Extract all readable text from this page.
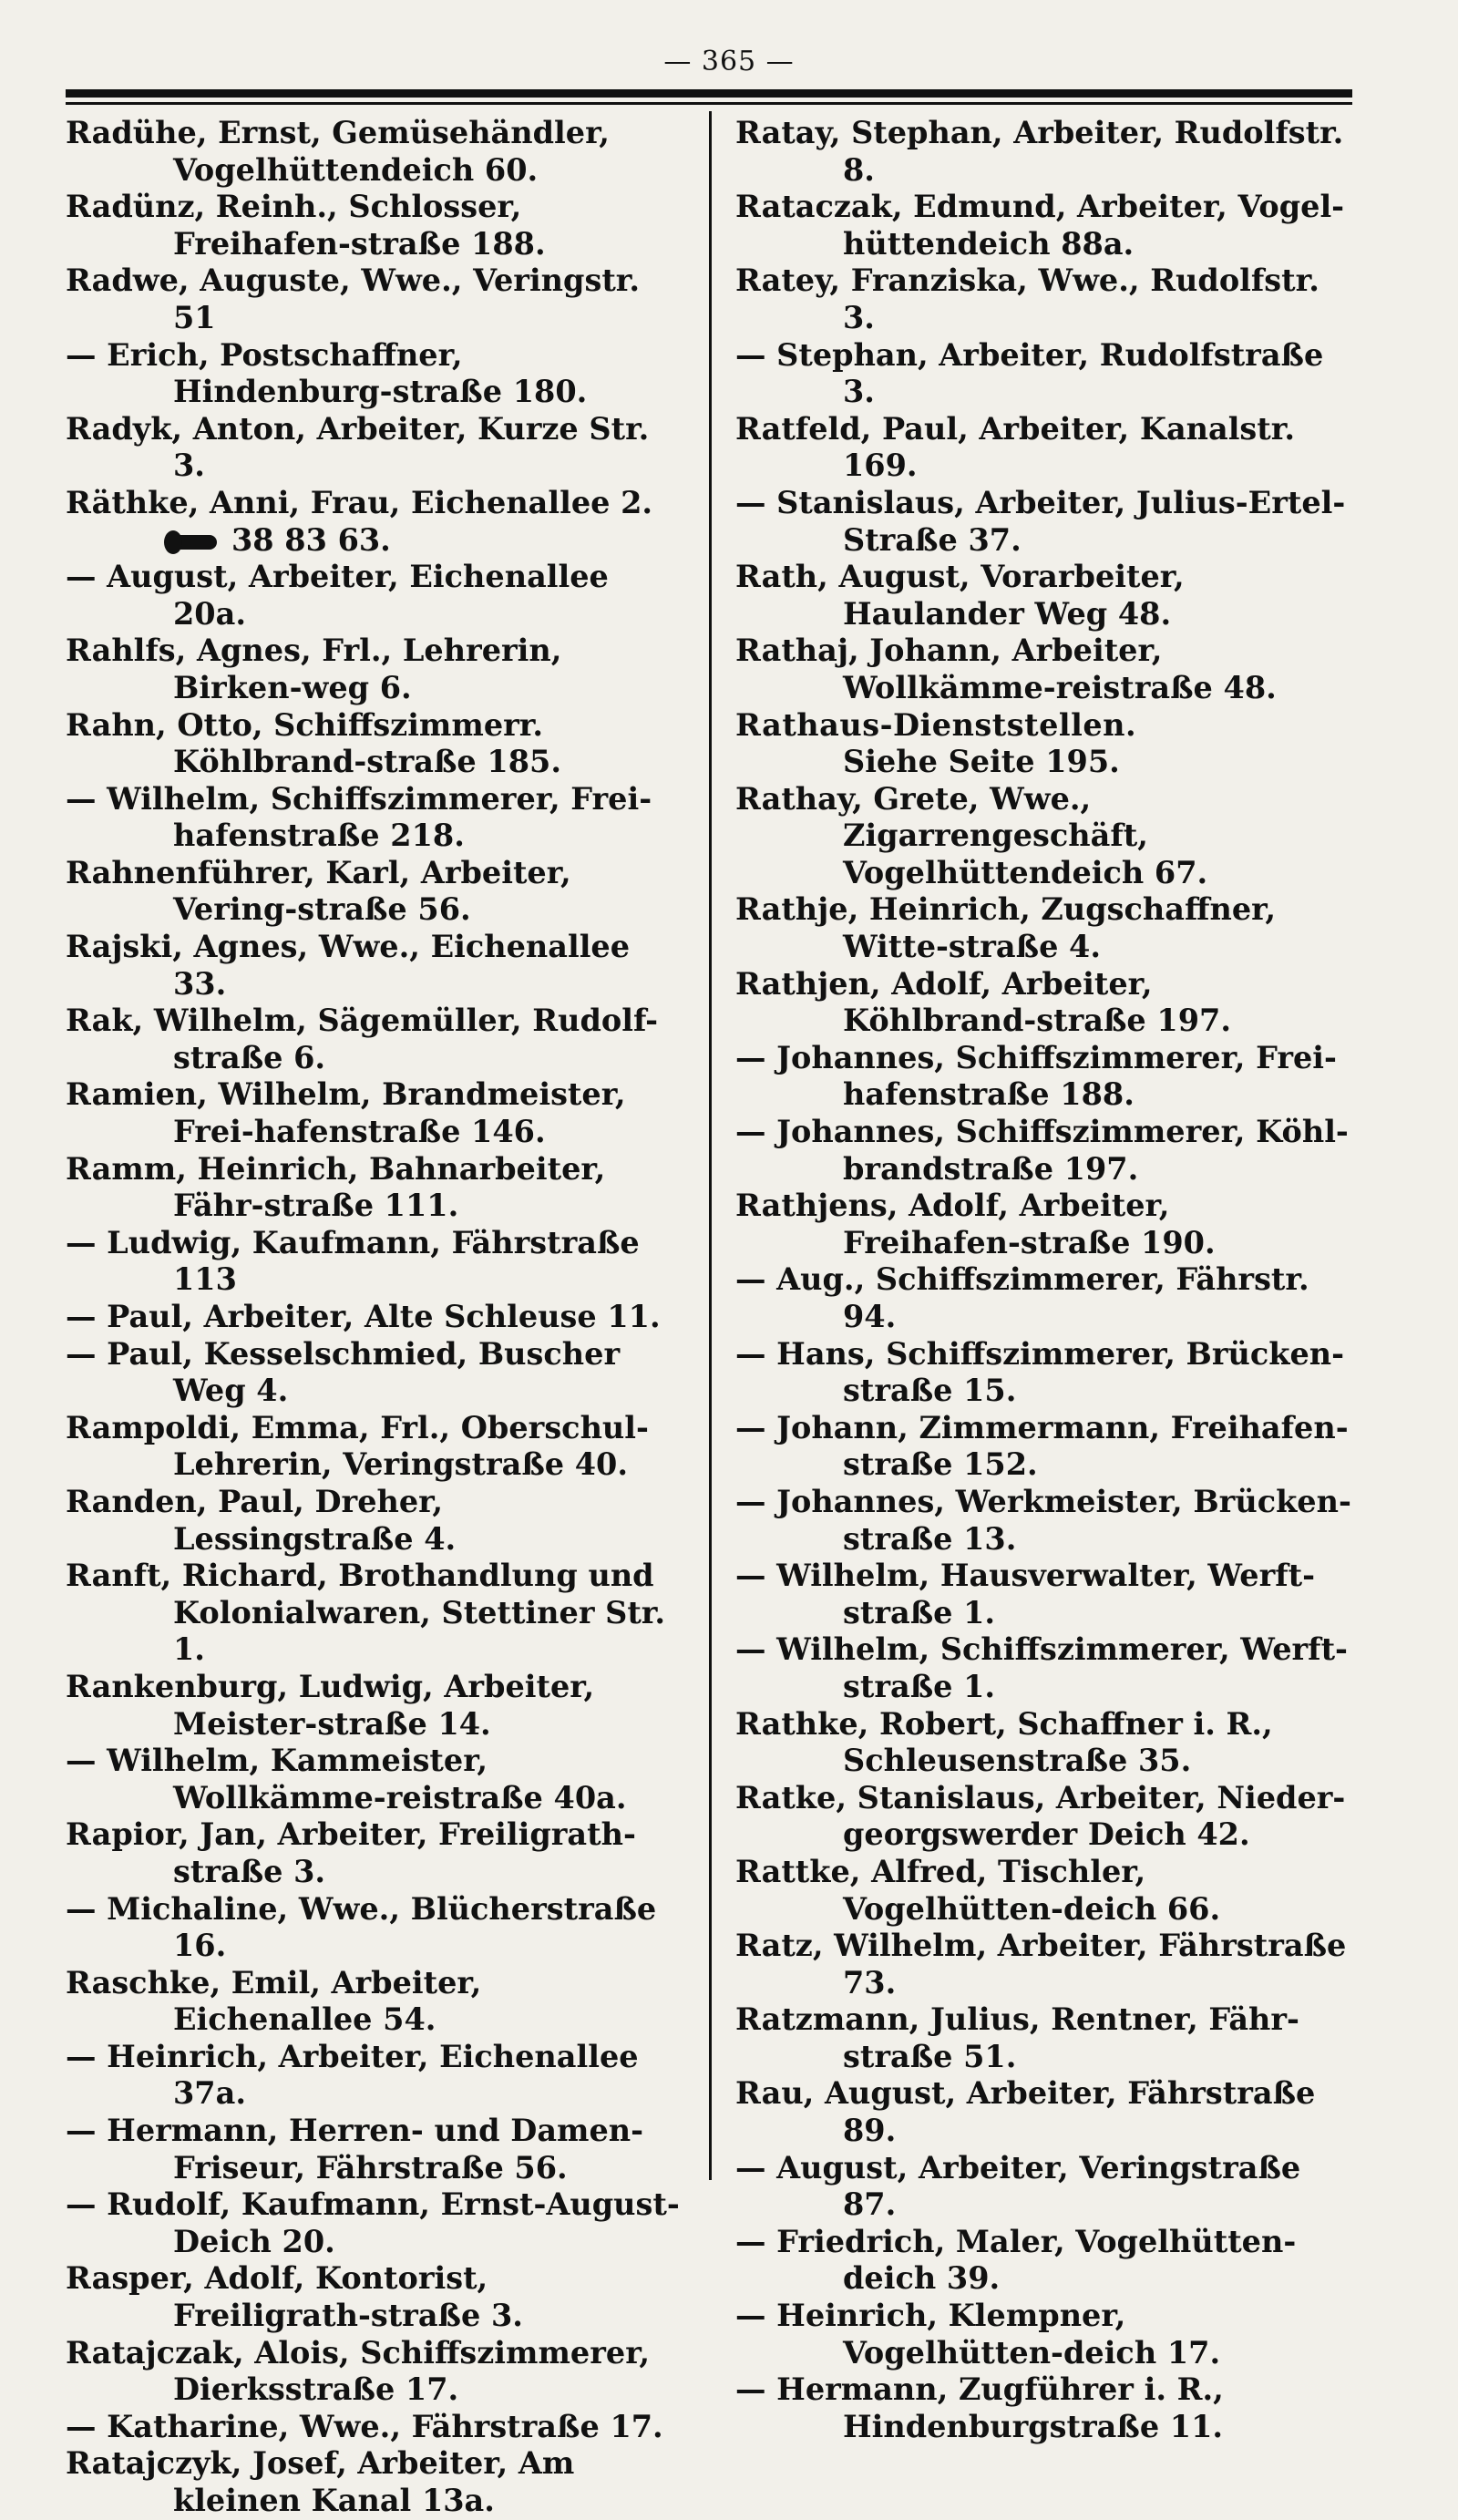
— 365 —
Radühe, Ernst, Gemüsehändler, Vogelhüttendeich 60.
Radünz, Reinh., Schlosser, Freihafen-straße 188.
Radwe, Auguste, Wwe., Veringstr. 51
— Erich, Postschaffner, Hindenburg-straße 180.
Radyk, Anton, Arbeiter, Kurze Str. 3.
Räthke, Anni, Frau, Eichenallee 2.
38 83 63.
— August, Arbeiter, Eichenallee 20a.
Rahlfs, Agnes, Frl., Lehrerin, Birken-weg 6.
Rahn, Otto, Schiffszimmerr. Köhlbrand-straße 185.
— Wilhelm, Schiffszimmerer, Frei-hafenstraße 218.
Rahnenführer, Karl, Arbeiter, Vering-straße 56.
Rajski, Agnes, Wwe., Eichenallee 33.
Rak, Wilhelm, Sägemüller, Rudolf-straße 6.
Ramien, Wilhelm, Brandmeister, Frei-hafenstraße 146.
Ramm, Heinrich, Bahnarbeiter, Fähr-straße 111.
— Ludwig, Kaufmann, Fährstraße 113
— Paul, Arbeiter, Alte Schleuse 11.
— Paul, Kesselschmied, Buscher Weg 4.
Rampoldi, Emma, Frl., Oberschul-Lehrerin, Veringstraße 40.
Randen, Paul, Dreher, Lessingstraße 4.
Ranft, Richard, Brothandlung und Kolonialwaren, Stettiner Str. 1.
Rankenburg, Ludwig, Arbeiter, Meister-straße 14.
— Wilhelm, Kammeister, Wollkämme-reistraße 40a.
Rapior, Jan, Arbeiter, Freiligrath-straße 3.
— Michaline, Wwe., Blücherstraße 16.
Raschke, Emil, Arbeiter, Eichenallee 54.
— Heinrich, Arbeiter, Eichenallee 37a.
— Hermann, Herren- und Damen-Friseur, Fährstraße 56.
— Rudolf, Kaufmann, Ernst-August-Deich 20.
Rasper, Adolf, Kontorist, Freiligrath-straße 3.
Ratajczak, Alois, Schiffszimmerer, Dierksstraße 17.
— Katharine, Wwe., Fährstraße 17.
Ratajczyk, Josef, Arbeiter, Am kleinen Kanal 13a.
Ratay, Stephan, Arbeiter, Rudolfstr. 8.
Rataczak, Edmund, Arbeiter, Vogel-hüttendeich 88a.
Ratey, Franziska, Wwe., Rudolfstr. 3.
— Stephan, Arbeiter, Rudolfstraße 3.
Ratfeld, Paul, Arbeiter, Kanalstr. 169.
— Stanislaus, Arbeiter, Julius-Ertel-Straße 37.
Rath, August, Vorarbeiter, Haulander Weg 48.
Rathaj, Johann, Arbeiter, Wollkämme-reistraße 48.
Rathaus-Dienststellen.
Siehe Seite 195.
Rathay, Grete, Wwe., Zigarrengeschäft, Vogelhüttendeich 67.
Rathje, Heinrich, Zugschaffner, Witte-straße 4.
Rathjen, Adolf, Arbeiter, Köhlbrand-straße 197.
— Johannes, Schiffszimmerer, Frei-hafenstraße 188.
— Johannes, Schiffszimmerer, Köhl-brandstraße 197.
Rathjens, Adolf, Arbeiter, Freihafen-straße 190.
— Aug., Schiffszimmerer, Fährstr. 94.
— Hans, Schiffszimmerer, Brücken-straße 15.
— Johann, Zimmermann, Freihafen-straße 152.
— Johannes, Werkmeister, Brücken-straße 13.
— Wilhelm, Hausverwalter, Werft-straße 1.
— Wilhelm, Schiffszimmerer, Werft-straße 1.
Rathke, Robert, Schaffner i. R., Schleusenstraße 35.
Ratke, Stanislaus, Arbeiter, Nieder-georgswerder Deich 42.
Rattke, Alfred, Tischler, Vogelhütten-deich 66.
Ratz, Wilhelm, Arbeiter, Fährstraße 73.
Ratzmann, Julius, Rentner, Fähr-straße 51.
Rau, August, Arbeiter, Fährstraße 89.
— August, Arbeiter, Veringstraße 87.
— Friedrich, Maler, Vogelhütten-deich 39.
— Heinrich, Klempner, Vogelhütten-deich 17.
— Hermann, Zugführer i. R., Hindenburgstraße 11.
